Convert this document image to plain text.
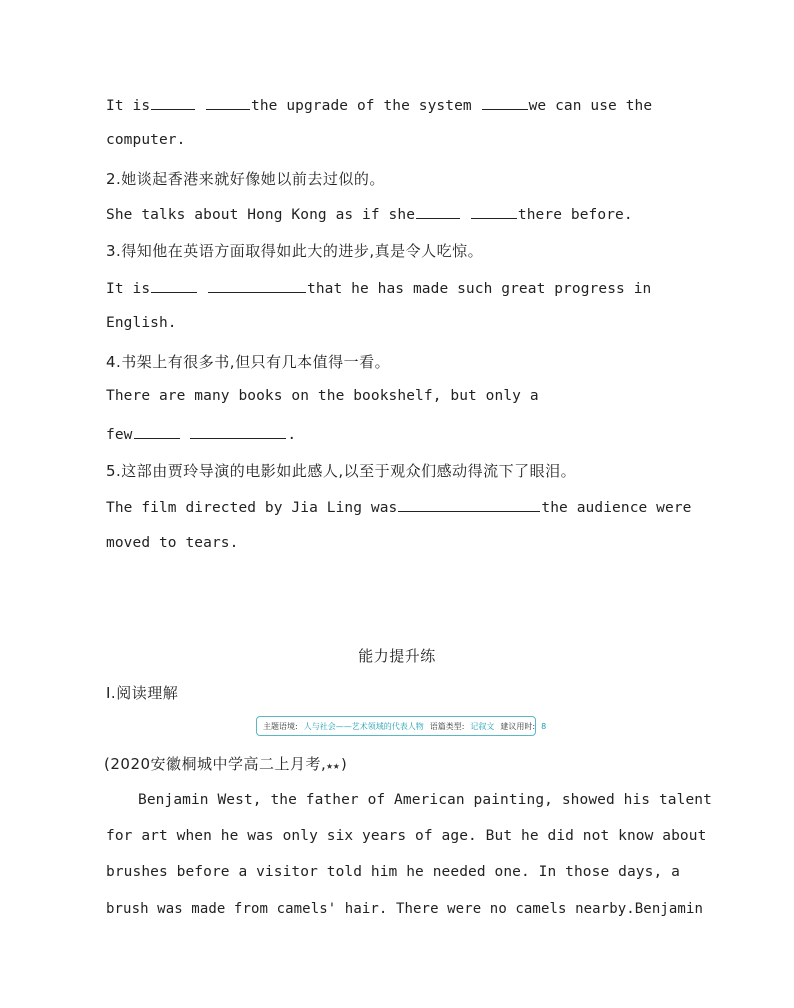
It is	the upgrade of the system	we can use the
computer.
2.她谈起香港来就好像她以前去过似的。
She talks about Hong Kong as if she	there before.
3.得知他在英语方面取得如此大的进步,真是令人吃惊。
It is	that he has made such great progress in
English.
4.书架上有很多书,但只有几本值得一看。
There are many books on the bookshelf, but only a
few	.
5.这部由贾玲导演的电影如此感人,以至于观众们感动得流下了眼泪。
The film directed by Jia Ling was	the audience were
moved to tears.
能力提升练
Ⅰ.阅读理解
主题语境: 人与社会——艺术领域的代表人物 语篇类型: 记叙文 建议用时: 8
(2020安徽桐城中学高二上月考,★★)
Benjamin West, the father of American painting, showed his talent
for art when he was only six years of age. But he did not know about
brushes before a visitor told him he needed one. In those days, a
brush was made from camels' hair. There were no camels nearby.Benjamin
